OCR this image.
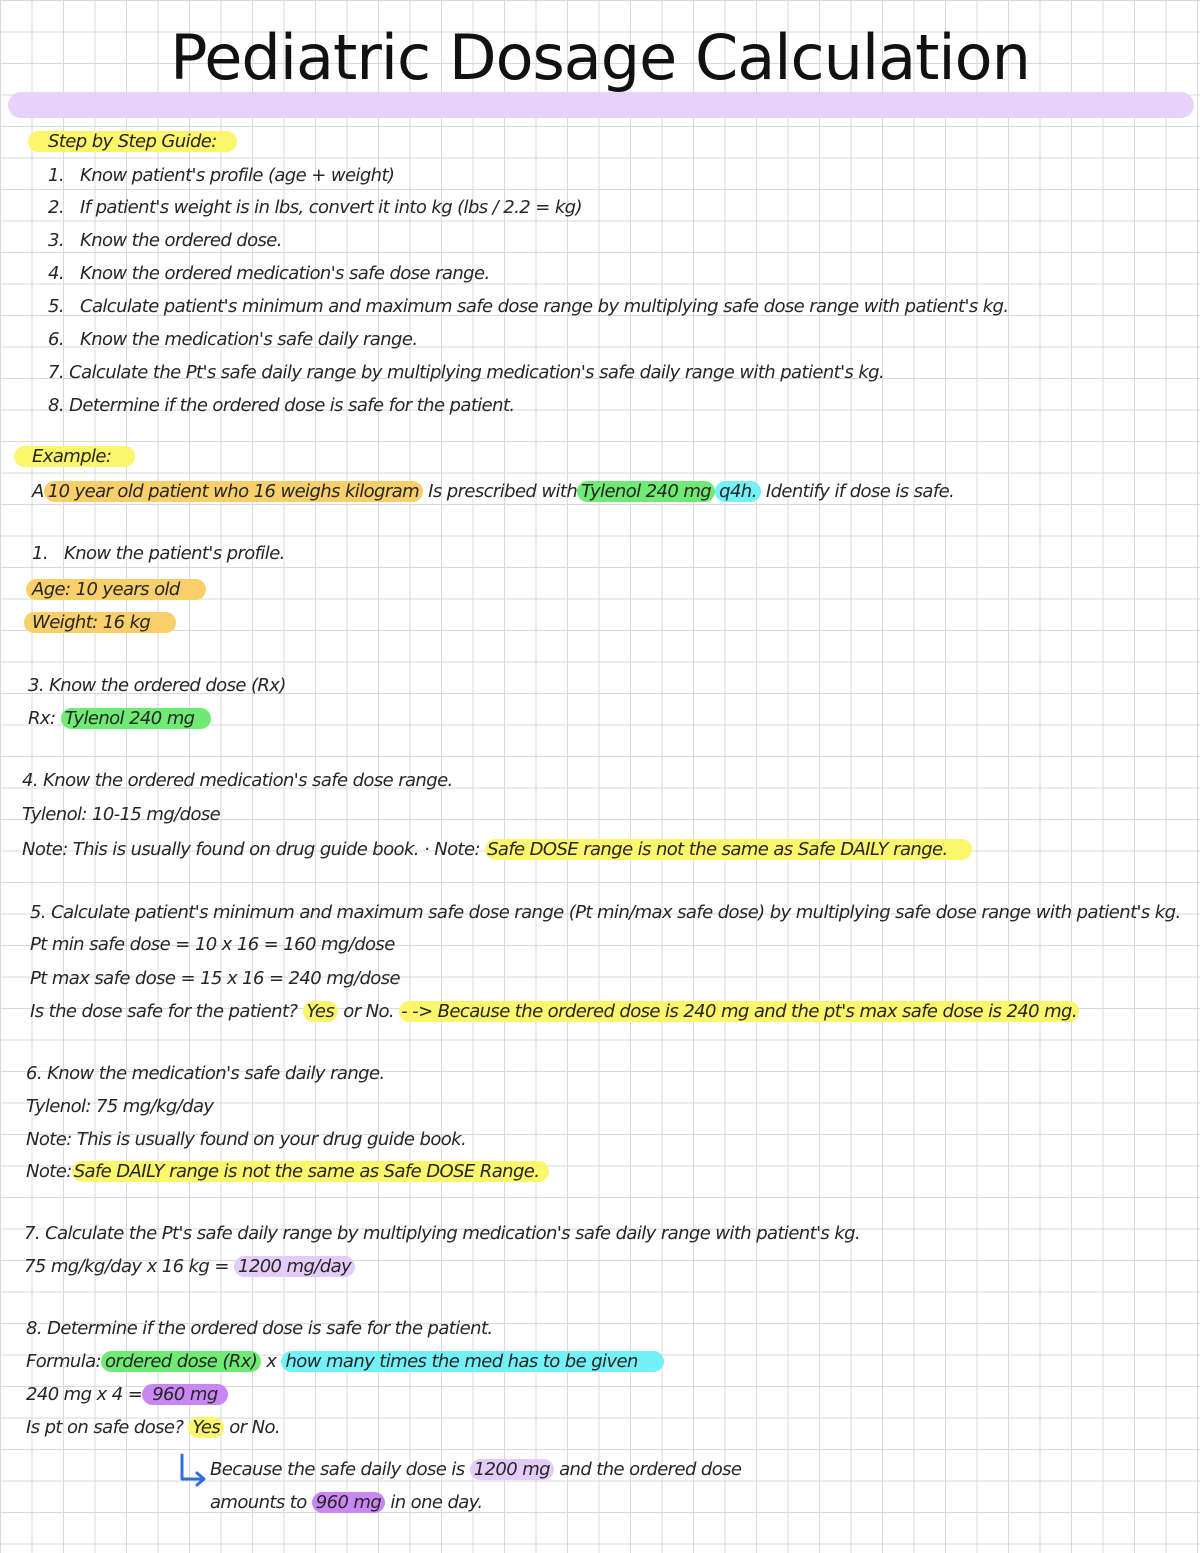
Pediatric Dosage Calculation
Step by Step Guide:
1. Know patient's profile (age + weight)
2. If patient's weight is in lbs, convert it into kg (lbs / 2.2 = kg)
3. Know the ordered dose.
4. Know the ordered medication's safe dose range.
5. Calculate patient's minimum and maximum safe dose range by multiplying safe dose range with patient's kg.
6. Know the medication's safe daily range.
7. Calculate the Pt's safe daily range by multiplying medication's safe daily range with patient's kg.
8. Determine if the ordered dose is safe for the patient.
Example:
A 10 year old patient who 16 weighs kilogram Is prescribed with Tylenol 240 mg q4h. Identify if dose is safe.
1. Know the patient's profile.
Age: 10 years old
Weight: 16 kg
3. Know the ordered dose (Rx)
Rx: Tylenol 240 mg
4. Know the ordered medication's safe dose range.
Tylenol: 10-15 mg/dose
Note: This is usually found on drug guide book. · Note: Safe DOSE range is not the same as Safe DAILY range.
5. Calculate patient's minimum and maximum safe dose range (Pt min/max safe dose) by multiplying safe dose range with patient's kg.
Pt min safe dose = 10 x 16 = 160 mg/dose
Pt max safe dose = 15 x 16 = 240 mg/dose
Is the dose safe for the patient? Yes or No. - -> Because the ordered dose is 240 mg and the pt's max safe dose is 240 mg.
6. Know the medication's safe daily range.
Tylenol: 75 mg/kg/day
Note: This is usually found on your drug guide book.
Note: Safe DAILY range is not the same as Safe DOSE Range.
7. Calculate the Pt's safe daily range by multiplying medication's safe daily range with patient's kg.
75 mg/kg/day x 16 kg = 1200 mg/day
8. Determine if the ordered dose is safe for the patient.
Formula: ordered dose (Rx) x how many times the med has to be given
240 mg x 4 = 960 mg
Is pt on safe dose? Yes or No.
Because the safe daily dose is 1200 mg and the ordered dose
amounts to 960 mg in one day.
